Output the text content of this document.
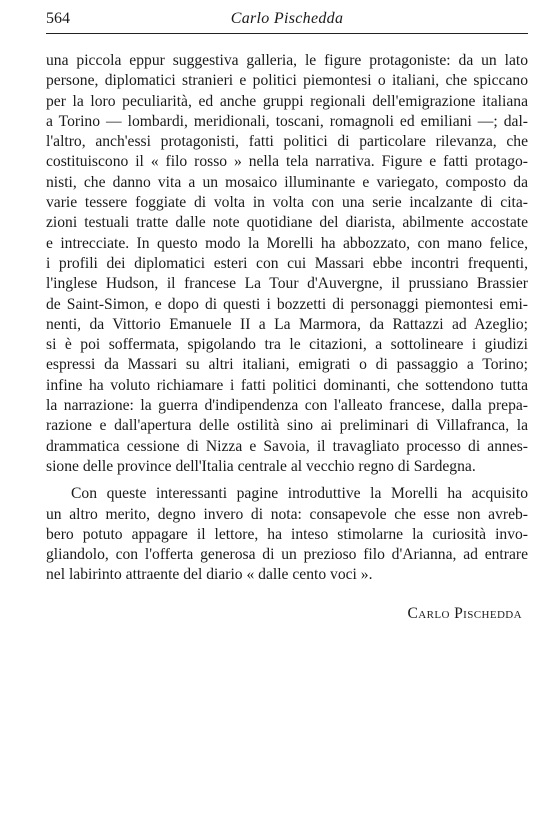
564	Carlo Pischedda
una piccola eppur suggestiva galleria, le figure protagoniste: da un lato
persone, diplomatici stranieri e politici piemontesi o italiani, che spiccano
per la loro peculiarità, ed anche gruppi regionali dell'emigrazione italiana
a Torino — lombardi, meridionali, toscani, romagnoli ed emiliani —; dal-
l'altro, anch'essi protagonisti, fatti politici di particolare rilevanza, che
costituiscono il « filo rosso » nella tela narrativa. Figure e fatti protago-
nisti, che danno vita a un mosaico illuminante e variegato, composto da
varie tessere foggiate di volta in volta con una serie incalzante di cita-
zioni testuali tratte dalle note quotidiane del diarista, abilmente accostate
e intrecciate. In questo modo la Morelli ha abbozzato, con mano felice,
i profili dei diplomatici esteri con cui Massari ebbe incontri frequenti,
l'inglese Hudson, il francese La Tour d'Auvergne, il prussiano Brassier
de Saint-Simon, e dopo di questi i bozzetti di personaggi piemontesi emi-
nenti, da Vittorio Emanuele II a La Marmora, da Rattazzi ad Azeglio;
si è poi soffermata, spigolando tra le citazioni, a sottolineare i giudizi
espressi da Massari su altri italiani, emigrati o di passaggio a Torino;
infine ha voluto richiamare i fatti politici dominanti, che sottendono tutta
la narrazione: la guerra d'indipendenza con l'alleato francese, dalla prepa-
razione e dall'apertura delle ostilità sino ai preliminari di Villafranca, la
drammatica cessione di Nizza e Savoia, il travagliato processo di annes-
sione delle province dell'Italia centrale al vecchio regno di Sardegna.
Con queste interessanti pagine introduttive la Morelli ha acquisito
un altro merito, degno invero di nota: consapevole che esse non avreb-
bero potuto appagare il lettore, ha inteso stimolarne la curiosità invo-
gliandolo, con l'offerta generosa di un prezioso filo d'Arianna, ad entrare
nel labirinto attraente del diario « dalle cento voci ».
Carlo Pischedda
